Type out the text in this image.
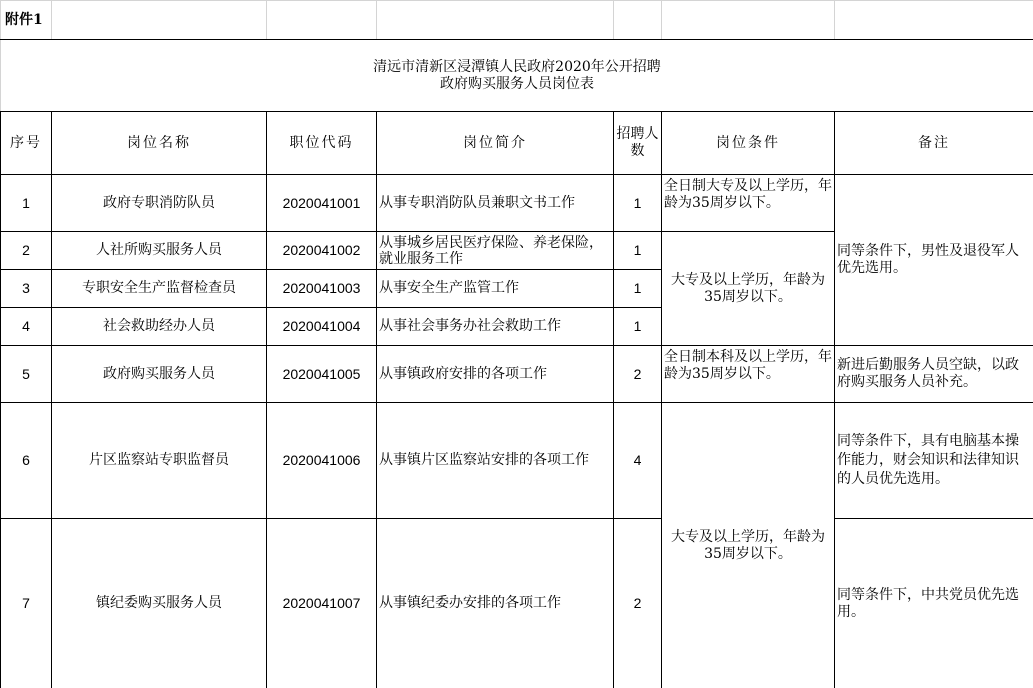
附件1						

清远市清新区浸潭镇人民政府2020年公开招聘
政府购买服务人员岗位表						

序号	岗位名称	职位代码	岗位简介	招聘人数	岗位条件	备注
1	政府专职消防队员	2020041001	从事专职消防队员兼职文书工作	1	全日制大专及以上学历，年龄为35周岁以下。	同等条件下，男性及退役军人优先选用。
2	人社所购买服务人员	2020041002	从事城乡居民医疗保险、养老保险，就业服务工作	1	大专及以上学历，年龄为35周岁以下。	
3	专职安全生产监督检查员	2020041003	从事安全生产监管工作	1		
4	社会救助经办人员	2020041004	从事社会事务办社会救助工作	1		
5	政府购买服务人员	2020041005	从事镇政府安排的各项工作	2	全日制本科及以上学历，年龄为35周岁以下。	新进后勤服务人员空缺，以政府购买服务人员补充。
6	片区监察站专职监督员	2020041006	从事镇片区监察站安排的各项工作	4	大专及以上学历，年龄为35周岁以下。	同等条件下，具有电脑基本操作能力，财会知识和法律知识的人员优先选用。
7	镇纪委购买服务人员	2020041007	从事镇纪委办安排的各项工作	2		同等条件下，中共党员优先选用。
